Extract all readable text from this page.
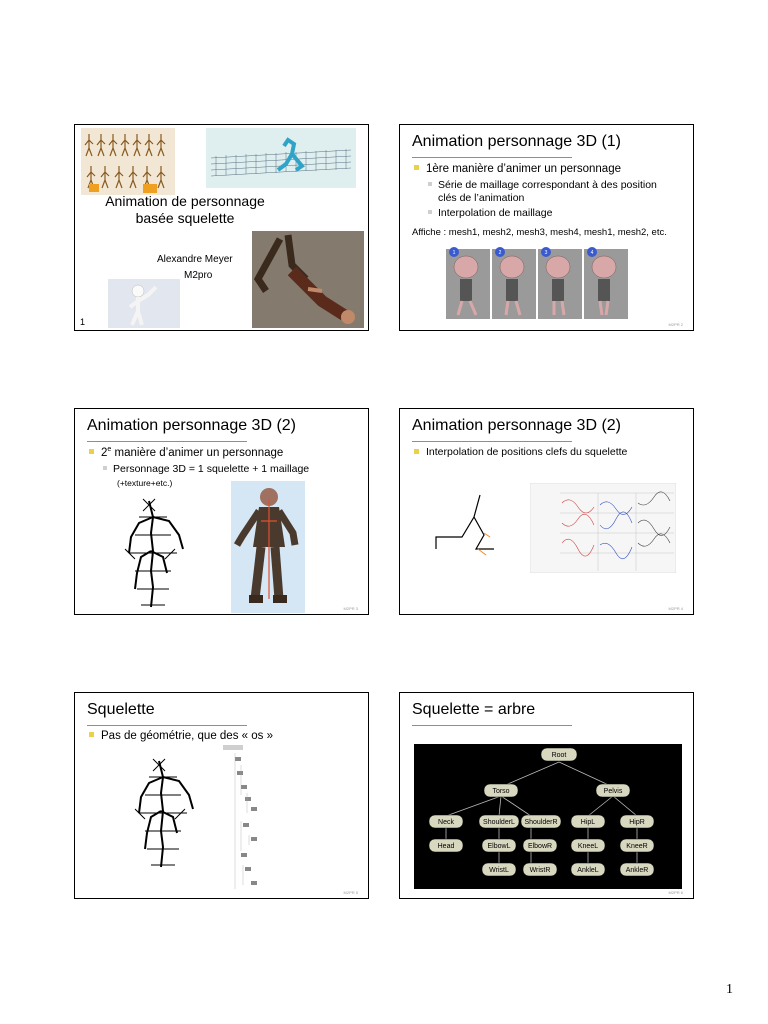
Animation de personnage
basée squelette
Alexandre Meyer
M2pro
1
Animation personnage 3D (1)
1ère manière d’animer un personnage
Série de maillage correspondant à des position
clés de l’animation
Interpolation de maillage
Affiche : mesh1, mesh2, mesh3, mesh4, mesh1, mesh2, etc.
1	2	3	4
M2PR 2
Animation personnage 3D (2)
2e manière d’animer un personnage
Personnage 3D = 1 squelette + 1 maillage
(+texture+etc.)
M2PR 3
Animation personnage 3D (2)
Interpolation de positions clefs du squelette
M2PR 4
Squelette
Pas de géométrie, que des « os »
M2PR 5
Squelette = arbre
Root
Torso	Pelvis
Neck	ShoulderL ShoulderR	HipL	HipR
Head	ElbowL ElbowR	KneeL	KneeR
WristL	WristR	AnkleL	AnkleR
M2PR 6
1
